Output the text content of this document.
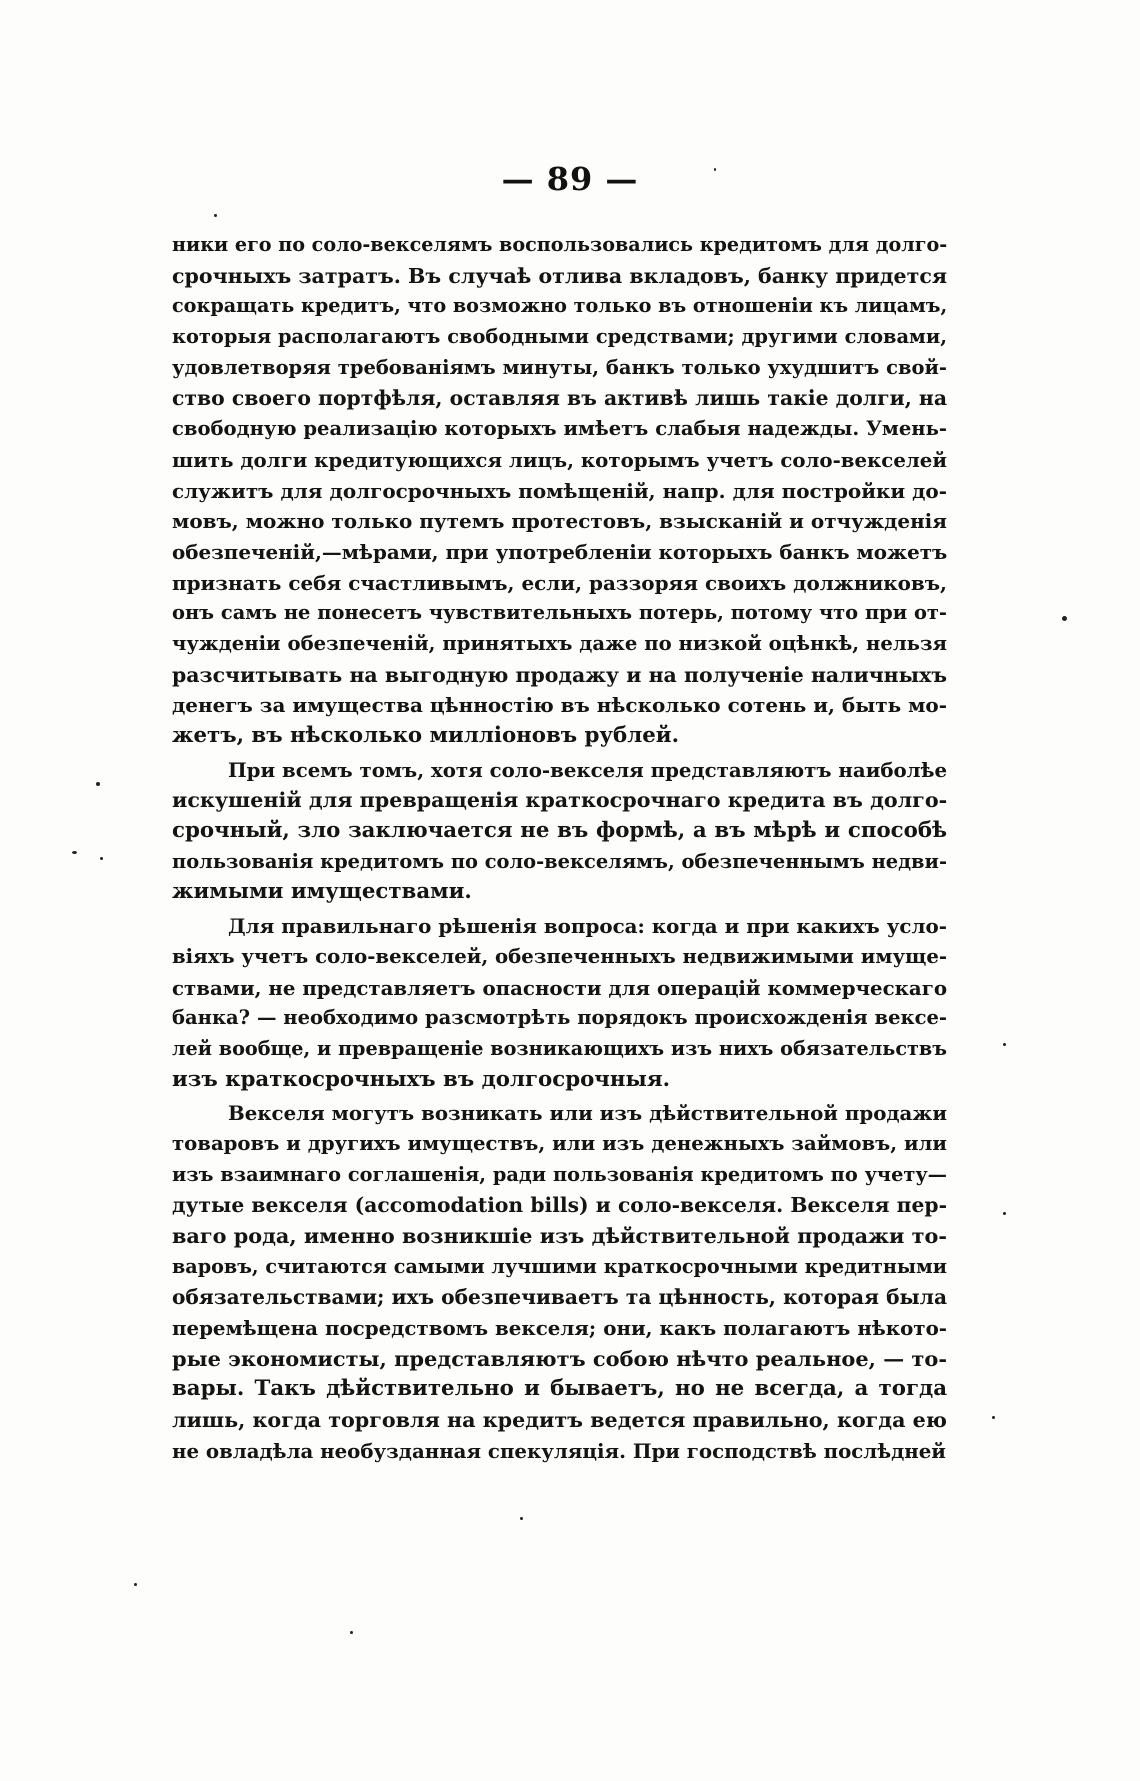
— 89 —
ники его по соло-векселямъ воспользовались кредитомъ для долго-
срочныхъ затратъ. Въ случаѣ отлива вкладовъ, банку придется
сокращать кредитъ, что возможно только въ отношеніи къ лицамъ,
которыя располагаютъ свободными средствами; другими словами,
удовлетворяя требованіямъ минуты, банкъ только ухудшитъ свой-
ство своего портфѣля, оставляя въ активѣ лишь такіе долги, на
свободную реализацію которыхъ имѣетъ слабыя надежды. Умень-
шить долги кредитующихся лицъ, которымъ учетъ соло-векселей
служитъ для долгосрочныхъ помѣщеній, напр. для постройки до-
мовъ, можно только путемъ протестовъ, взысканій и отчужденія
обезпеченій,—мѣрами, при употребленіи которыхъ банкъ можетъ
признать себя счастливымъ, если, раззоряя своихъ должниковъ,
онъ самъ не понесетъ чувствительныхъ потерь, потому что при от-
чужденіи обезпеченій, принятыхъ даже по низкой оцѣнкѣ, нельзя
разсчитывать на выгодную продажу и на полученіе наличныхъ
денегъ за имущества цѣнностію въ нѣсколько сотень и, быть мо-
жетъ, въ нѣсколько милліоновъ рублей.
При всемъ томъ, хотя соло-векселя представляютъ наиболѣе
искушеній для превращенія краткосрочнаго кредита въ долго-
срочный, зло заключается не въ формѣ, а въ мѣрѣ и способѣ
пользованія кредитомъ по соло-векселямъ, обезпеченнымъ недви-
жимыми имуществами.
Для правильнаго рѣшенія вопроса: когда и при какихъ усло-
віяхъ учетъ соло-векселей, обезпеченныхъ недвижимыми имуще-
ствами, не представляетъ опасности для операцій коммерческаго
банка? — необходимо разсмотрѣть порядокъ происхожденія вексе-
лей вообще, и превращеніе возникающихъ изъ нихъ обязательствъ
изъ краткосрочныхъ въ долгосрочныя.
Векселя могутъ возникать или изъ дѣйствительной продажи
товаровъ и другихъ имуществъ, или изъ денежныхъ займовъ, или
изъ взаимнаго соглашенія, ради пользованія кредитомъ по учету—
дутые векселя (accomodation bills) и соло-векселя. Векселя пер-
ваго рода, именно возникшіе изъ дѣйствительной продажи то-
варовъ, считаются самыми лучшими краткосрочными кредитными
обязательствами; ихъ обезпечиваетъ та цѣнность, которая была
перемѣщена посредствомъ векселя; они, какъ полагаютъ нѣкото-
рые экономисты, представляютъ собою нѣчто реальное, — то-
вары. Такъ дѣйствительно и бываетъ, но не всегда, а тогда
лишь, когда торговля на кредитъ ведется правильно, когда ею
не овладѣла необузданная спекуляція. При господствѣ послѣдней
